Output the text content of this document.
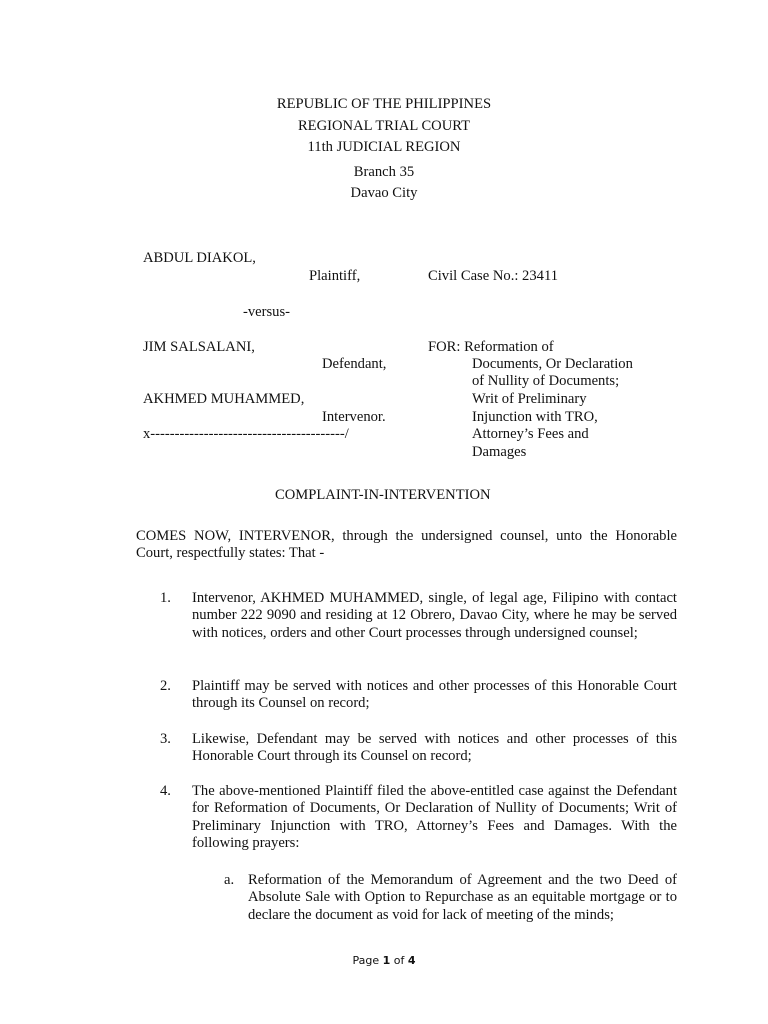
REPUBLIC OF THE PHILIPPINES
REGIONAL TRIAL COURT
11th JUDICIAL REGION
Branch 35
Davao City
ABDUL DIAKOL,
Plaintiff,	Civil Case No.: 23411
-versus-
JIM SALSALANI,
Defendant,
AKHMED MUHAMMED,
Intervenor.
x----------------------------------------/
FOR: Reformation of
Documents, Or Declaration
of Nullity of Documents;
Writ of Preliminary
Injunction with TRO,
Attorney’s Fees and
Damages
COMPLAINT-IN-INTERVENTION
COMES NOW, INTERVENOR, through the undersigned counsel, unto the Honorable Court, respectfully states: That -
1. Intervenor, AKHMED MUHAMMED, single, of legal age, Filipino with contact number 222 9090 and residing at 12 Obrero, Davao City, where he may be served with notices, orders and other Court processes through undersigned counsel;
2. Plaintiff may be served with notices and other processes of this Honorable Court through its Counsel on record;
3. Likewise, Defendant may be served with notices and other processes of this Honorable Court through its Counsel on record;
4. The above-mentioned Plaintiff filed the above-entitled case against the Defendant for Reformation of Documents, Or Declaration of Nullity of Documents; Writ of Preliminary Injunction with TRO, Attorney’s Fees and Damages. With the following prayers:
a. Reformation of the Memorandum of Agreement and the two Deed of Absolute Sale with Option to Repurchase as an equitable mortgage or to declare the document as void for lack of meeting of the minds;
Page 1 of 4
